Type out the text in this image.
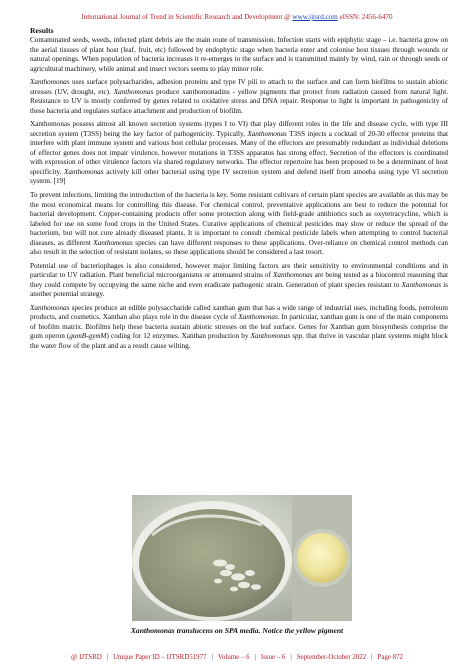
International Journal of Trend in Scientific Research and Development @ www.ijtsrd.com eISSN: 2456-6470
Results

Contaminated seeds, weeds, infected plant debris are the main route of transmission. Infection starts with epiphytic stage – i.e. bacteria grow on the aerial tissues of plant host (leaf, fruit, etc) followed by endophytic stage when bacteria enter and colonise host tissues through wounds or natural openings. When population of bacteria increases it re-emerges to the surface and is transmitted mainly by wind, rain or through seeds or agricultural machinery, while animal and insect vectors seems to play minor role.

Xanthomonas uses surface polysacharides, adhesion proteins and type IV pili to attach to the surface and can form biofilms to sustain abiotic stresses (UV, drought, etc). Xanthomonas produce xanthomonadins - yellow pigments that protect from radiation caused from natural light. Resistance to UV is mostly conferred by genes related to oxidative stress and DNA repair. Response to light is important in pathogenicity of these bacteria and regulates surface attachment and production of biofilm.

Xanthomonas possess almost all known secretion systems (types I to VI) that play different roles in the life and disease cycle, with type III secretion system (T3SS) being the key factor of pathogenicity. Typically, Xanthomonas T3SS injects a cocktail of 20-30 effector proteins that interfere with plant immune system and various host cellular processes. Many of the effectors are presumably redundant as individual deletions of effector genes does not impair virulence, however mutations in T3SS apparatus has strong effect. Secretion of the effectors is coordinated with expression of other virulence factors via shared regulatory networks. The effector repertoire has been proposed to be a determinant of host specificity. Xanthomonas actively kill other bacterial using type IV secretion system and defend itself from amoeba using type VI secretion system. [19]

To prevent infections, limiting the introduction of the bacteria is key. Some resistant cultivars of certain plant species are available as this may be the most economical means for controlling this disease. For chemical control, preventative applications are best to reduce the potential for bacterial development. Copper-containing products offer some protection along with field-grade antibiotics such as oxytetracycline, which is labeled for use on some food crops in the United States. Curative applications of chemical pesticides may slow or reduce the spread of the bacterium, but will not cure already diseased plants. It is important to consult chemical pesticide labels when attempting to control bacterial diseases, as different Xanthomonas species can have different responses to these applications. Over-reliance on chemical control methods can also result in the selection of resistant isolates, so these applications should be considered a last resort.

Potential use of bacteriophages is also considered, however major limiting factors are their sensitivity to environmental conditions and in particular to UV radiation. Plant beneficial microorganisms or attenuated strains of Xanthomonas are being tested as a biocontrol reasoning that they could compete by occupying the same niche and even eradicate pathogenic strain. Generation of plant species resistant to Xanthomonas is another potential strategy.

Xanthomonas species produce an edible polysaccharide called xanthan gum that has a wide range of industrial uses, including foods, petroleum products, and cosmetics. Xanthan also plays role in the disease cycle of Xanthomonas. In particular, xanthan gum is one of the main components of biofilm matrix. Biofilms help these bacteria sustain abiotic stresses on the leaf surface. Genes for Xanthan gum biosynthesis comprise the gum operon (gumB-gymM) coding for 12 enzymes. Xanthan production by Xanthomonas spp. that thrive in vascular plant systems might block the water flow of the plant and as a result cause wilting.

Xanthomonas translucens on SPA media. Notice the yellow pigment
@ IJTSRD | Unique Paper ID – IJTSRD51977 | Volume – 6 | Issue – 6 | September-October 2022 | Page 872
